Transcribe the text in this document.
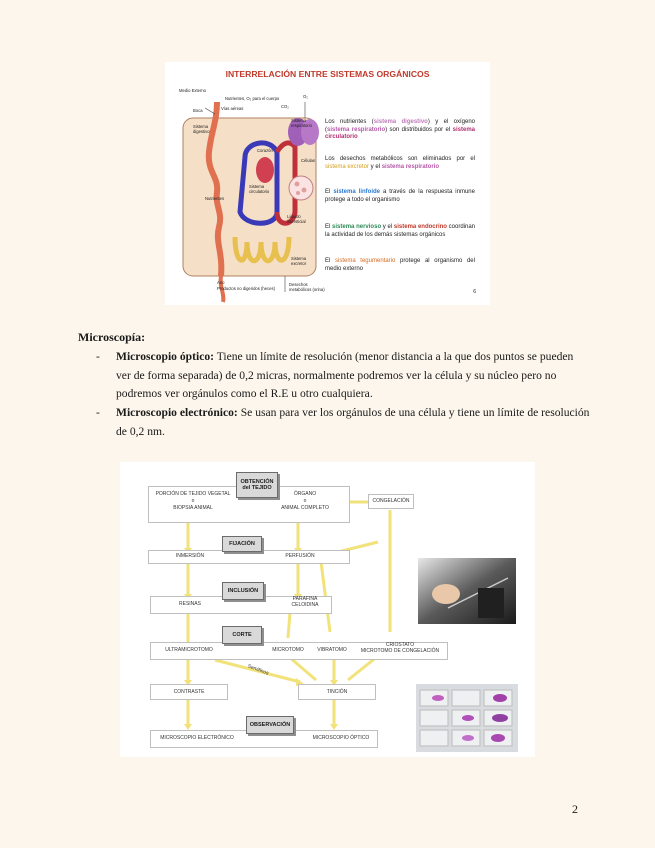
INTERRELACIÓN ENTRE SISTEMAS ORGÁNICOS
Medio Externo
Nutrientes, O₂ para el cuerpo
Boca	Vías aéreas	CO₂
O₂
Sistema digestivo
Sistema respiratorio
Corazón
Sistema circulatorio
Nutrientes
Células
Líquido intersticial
Sistema excretor
Ano
Productos no digeridos (heces)
Desechos metabólicos (orina)
Los nutrientes (sistema digestivo) y el oxígeno (sistema respiratorio) son distribuidos por el sistema circulatorio
Los desechos metabólicos son eliminados por el sistema excretor y el sistema respiratorio
El sistema linfoide a través de la respuesta inmune protege a todo el organismo
El sistema nervioso y el sistema endocrino coordinan la actividad de los demás sistemas orgánicos
El sistema tegumentario protege al organismo del medio externo
6
Microscopía:
- Microscopio óptico: Tiene un límite de resolución (menor distancia a la que dos puntos se pueden ver de forma separada) de 0,2 micras, normalmente podremos ver la célula y su núcleo pero no podremos ver orgánulos como el R.E u otro cualquiera.
- Microscopio electrónico: Se usan para ver los orgánulos de una célula y tiene un límite de resolución de 0,2 nm.
OBTENCIÓN del TEJIDO
PORCIÓN DE TEJIDO VEGETAL
o
BIOPSIA ANIMAL
ÓRGANO
o
ANIMAL COMPLETO
CONGELACIÓN
FIJACIÓN
INMERSIÓN	PERFUSIÓN
INCLUSIÓN
RESINAS
PARAFINA
CELOIDINA
CORTE
ULTRAMICROTOMO	MICROTOMO	VIBRATOMO
CRIOSTATO
MICROTOMO DE CONGELACIÓN
Semifinos
CONTRASTE	TINCIÓN
OBSERVACIÓN
MICROSCOPIO ELECTRÓNICO	MICROSCOPIO ÓPTICO
2
